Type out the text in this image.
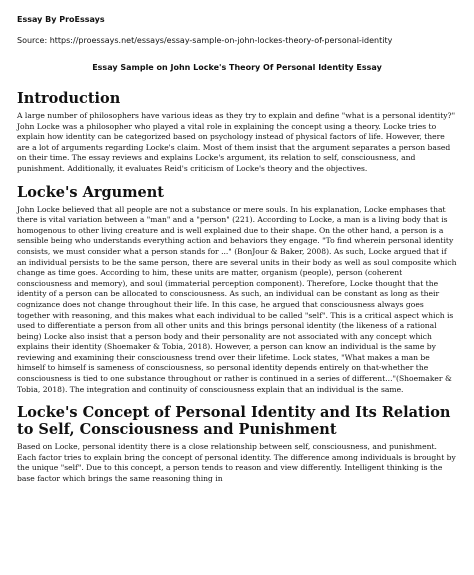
Essay By ProEssays
Source: https://proessays.net/essays/essay-sample-on-john-lockes-theory-of-personal-identity
Essay Sample on John Locke's Theory Of Personal Identity Essay
Introduction

A large number of philosophers have various ideas as they try to explain and define "what is a personal identity?" John Locke was a philosopher who played a vital role in explaining the concept using a theory. Locke tries to explain how identity can be categorized based on psychology instead of physical factors of life. However, there are a lot of arguments regarding Locke's claim. Most of them insist that the argument separates a person based on their time. The essay reviews and explains Locke's argument, its relation to self, consciousness, and punishment. Additionally, it evaluates Reid's criticism of Locke's theory and the objectives.

Locke's Argument

John Locke believed that all people are not a substance or mere souls. In his explanation, Locke emphases that there is vital variation between a "man" and a "person" (221). According to Locke, a man is a living body that is homogenous to other living creature and is well explained due to their shape. On the other hand, a person is a sensible being who understands everything action and behaviors they engage. "To find wherein personal identity consists, we must consider what a person stands for ..." (BonJour & Baker, 2008). As such, Locke argued that if an individual persists to be the same person, there are several units in their body as well as soul composite which change as time goes. According to him, these units are matter, organism (people), person (coherent consciousness and memory), and soul (immaterial perception component). Therefore, Locke thought that the identity of a person can be allocated to consciousness. As such, an individual can be constant as long as their cognizance does not change throughout their life. In this case, he argued that consciousness always goes together with reasoning, and this makes what each individual to be called "self". This is a critical aspect which is used to differentiate a person from all other units and this brings personal identity (the likeness of a rational being) Locke also insist that a person body and their personality are not associated with any concept which explains their identity (Shoemaker & Tobia, 2018). However, a person can know an individual is the same by reviewing and examining their consciousness trend over their lifetime. Lock states, "What makes a man be himself to himself is sameness of consciousness, so personal identity depends entirely on that-whether the consciousness is tied to one substance throughout or rather is continued in a series of different..."(Shoemaker & Tobia, 2018). The integration and continuity of consciousness explain that an individual is the same.

Locke's Concept of Personal Identity and Its Relation to Self, Consciousness and Punishment

Based on Locke, personal identity there is a close relationship between self, consciousness, and punishment. Each factor tries to explain bring the concept of personal identity. The difference among individuals is brought by the unique "self". Due to this concept, a person tends to reason and view differently. Intelligent thinking is the base factor which brings the same reasoning thing in
